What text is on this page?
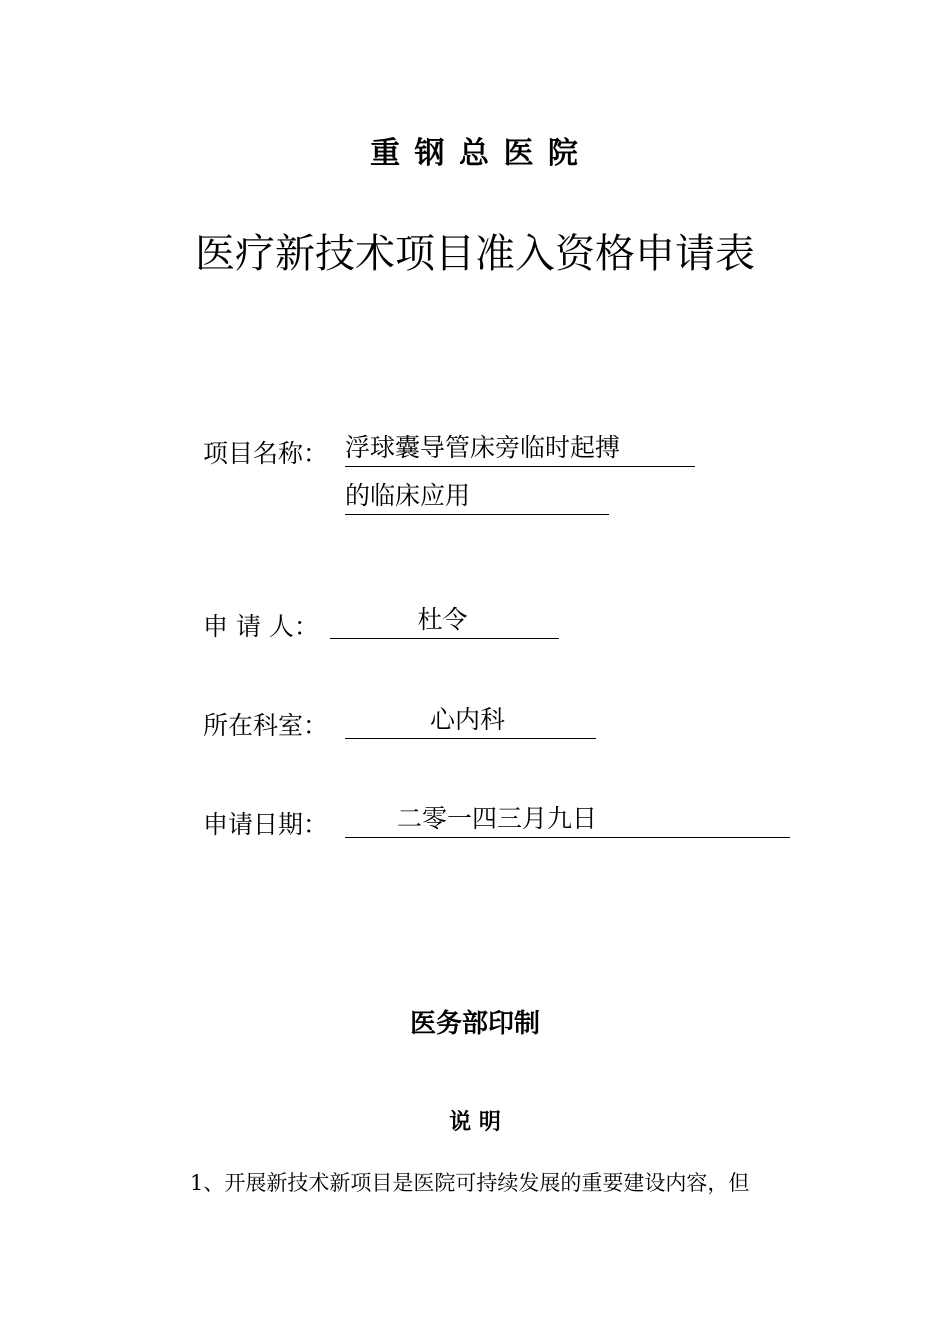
重 钢 总 医 院
医疗新技术项目准入资格申请表
项目名称： 浮球囊导管床旁临时起搏
的临床应用
申 请 人：	杜令
所在科室：	心内科
申请日期：	二零一四三月九日
医务部印制
说 明
1、开展新技术新项目是医院可持续发展的重要建设内容，但
